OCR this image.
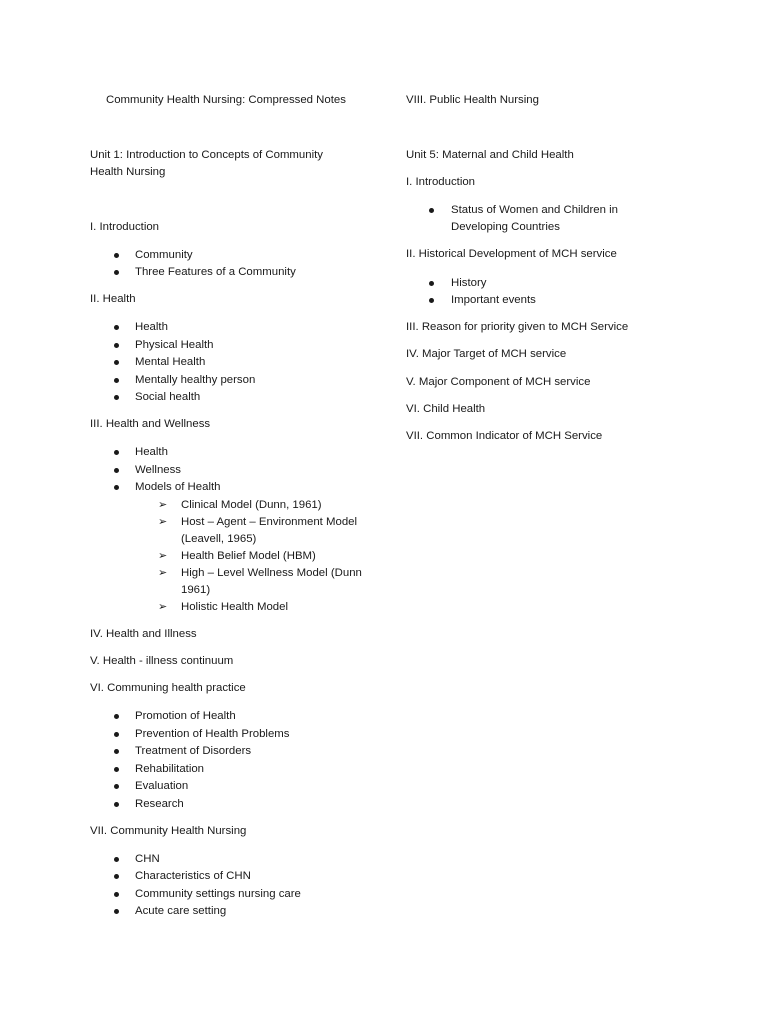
Community Health Nursing: Compressed Notes
Unit 1: Introduction to Concepts of Community Health Nursing
I. Introduction
Community
Three Features of a Community
II. Health
Health
Physical Health
Mental Health
Mentally healthy person
Social health
III. Health and Wellness
Health
Wellness
Models of Health
➢ Clinical Model (Dunn, 1961)
➢ Host – Agent – Environment Model (Leavell, 1965)
➢ Health Belief Model (HBM)
➢ High – Level Wellness Model (Dunn 1961)
➢ Holistic Health Model
IV. Health and Illness
V. Health - illness continuum
VI. Communing health practice
Promotion of Health
Prevention of Health Problems
Treatment of Disorders
Rehabilitation
Evaluation
Research
VII. Community Health Nursing
CHN
Characteristics of CHN
Community settings nursing care
Acute care setting
VIII. Public Health Nursing
Unit 5: Maternal and Child Health
I. Introduction
Status of Women and Children in Developing Countries
II. Historical Development of MCH service
History
Important events
III. Reason for priority given to MCH Service
IV. Major Target of MCH service
V. Major Component of MCH service
VI. Child Health
VII. Common Indicator of MCH Service
